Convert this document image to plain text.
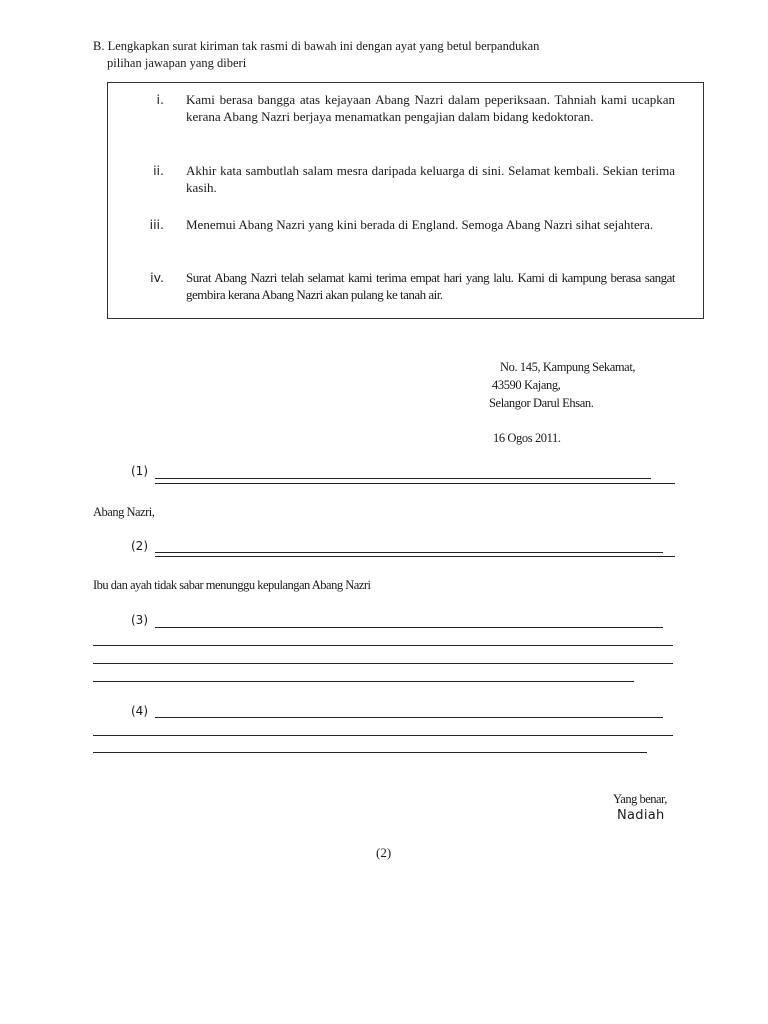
B. Lengkapkan surat kiriman tak rasmi di bawah ini dengan ayat yang betul berpandukan
pilihan jawapan yang diberi
i. Kami berasa bangga atas kejayaan Abang Nazri dalam peperiksaan. Tahniah kami ucapkan kerana Abang Nazri berjaya menamatkan pengajian dalam bidang kedoktoran.
ii. Akhir kata sambutlah salam mesra daripada keluarga di sini. Selamat kembali. Sekian terima kasih.
iii. Menemui Abang Nazri yang kini berada di England. Semoga Abang Nazri sihat sejahtera.
iv. Surat Abang Nazri telah selamat kami terima empat hari yang lalu. Kami di kampung berasa sangat gembira kerana Abang Nazri akan pulang ke tanah air.
No. 145, Kampung Sekamat,
43590 Kajang,
Selangor Darul Ehsan.
16 Ogos 2011.
(1)
Abang Nazri,
(2)
Ibu dan ayah tidak sabar menunggu kepulangan Abang Nazri
(3)
(4)
Yang benar,
Nadiah
(2)
